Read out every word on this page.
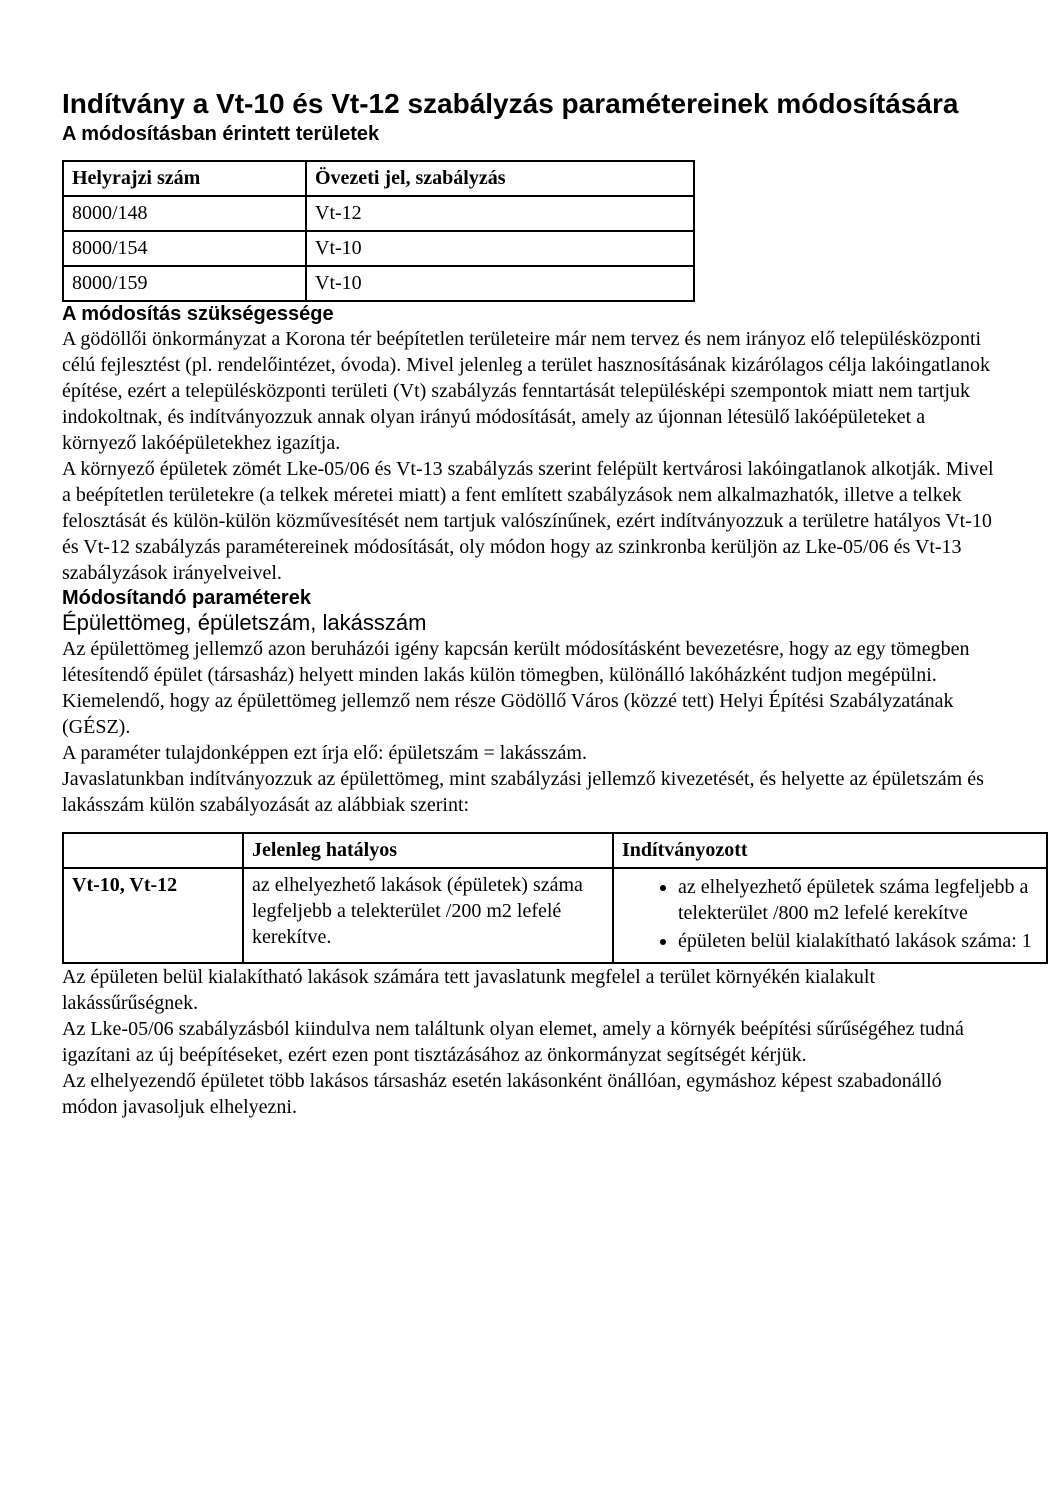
Indítvány a Vt-10 és Vt-12 szabályzás paramétereinek módosítására
A módosításban érintett területek
Helyrajzi szám	Övezeti jel, szabályzás
8000/148	Vt-12
8000/154	Vt-10
8000/159	Vt-10
A módosítás szükségessége

A gödöllői önkormányzat a Korona tér beépítetlen területeire már nem tervez és nem irányoz elő településközponti célú fejlesztést (pl. rendelőintézet, óvoda). Mivel jelenleg a terület hasznosításának kizárólagos célja lakóingatlanok építése, ezért a településközponti területi (Vt) szabályzás fenntartását településképi szempontok miatt nem tartjuk indokoltnak, és indítványozzuk annak olyan irányú módosítását, amely az újonnan létesülő lakóépületeket a környező lakóépületekhez igazítja.

A környező épületek zömét Lke-05/06 és Vt-13 szabályzás szerint felépült kertvárosi lakóingatlanok alkotják. Mivel a beépítetlen területekre (a telkek méretei miatt) a fent említett szabályzások nem alkalmazhatók, illetve a telkek felosztását és külön-külön közművesítését nem tartjuk valószínűnek, ezért indítványozzuk a területre hatályos Vt-10 és Vt-12 szabályzás paramétereinek módosítását, oly módon hogy az szinkronba kerüljön az Lke-05/06 és Vt-13 szabályzások irányelveivel.

Módosítandó paraméterek
Épülettömeg, épületszám, lakásszám

Az épülettömeg jellemző azon beruházói igény kapcsán került módosításként bevezetésre, hogy az egy tömegben létesítendő épület (társasház) helyett minden lakás külön tömegben, különálló lakóházként tudjon megépülni. Kiemelendő, hogy az épülettömeg jellemző nem része Gödöllő Város (közzé tett) Helyi Építési Szabályzatának (GÉSZ).
A paraméter tulajdonképpen ezt írja elő: épületszám = lakásszám.
Javaslatunkban indítványozzuk az épülettömeg, mint szabályzási jellemző kivezetését, és helyette az épületszám és lakásszám külön szabályozását az alábbiak szerint:

	Jelenleg hatályos	Indítványozott
Vt-10, Vt-12	az elhelyezhető lakások (épületek) száma legfeljebb a telekterület /200 m2 lefelé kerekítve.	
• az elhelyezhető épületek száma legfeljebb a telekterület /800 m2 lefelé kerekítve
• épületen belül kialakítható lakások száma: 1

Az épületen belül kialakítható lakások számára tett javaslatunk megfelel a terület környékén kialakult lakássűrűségnek.
Az Lke-05/06 szabályzásból kiindulva nem találtunk olyan elemet, amely a környék beépítési sűrűségéhez tudná igazítani az új beépítéseket, ezért ezen pont tisztázásához az önkormányzat segítségét kérjük.
Az elhelyezendő épületet több lakásos társasház esetén lakásonként önállóan, egymáshoz képest szabadonálló módon javasoljuk elhelyezni.
